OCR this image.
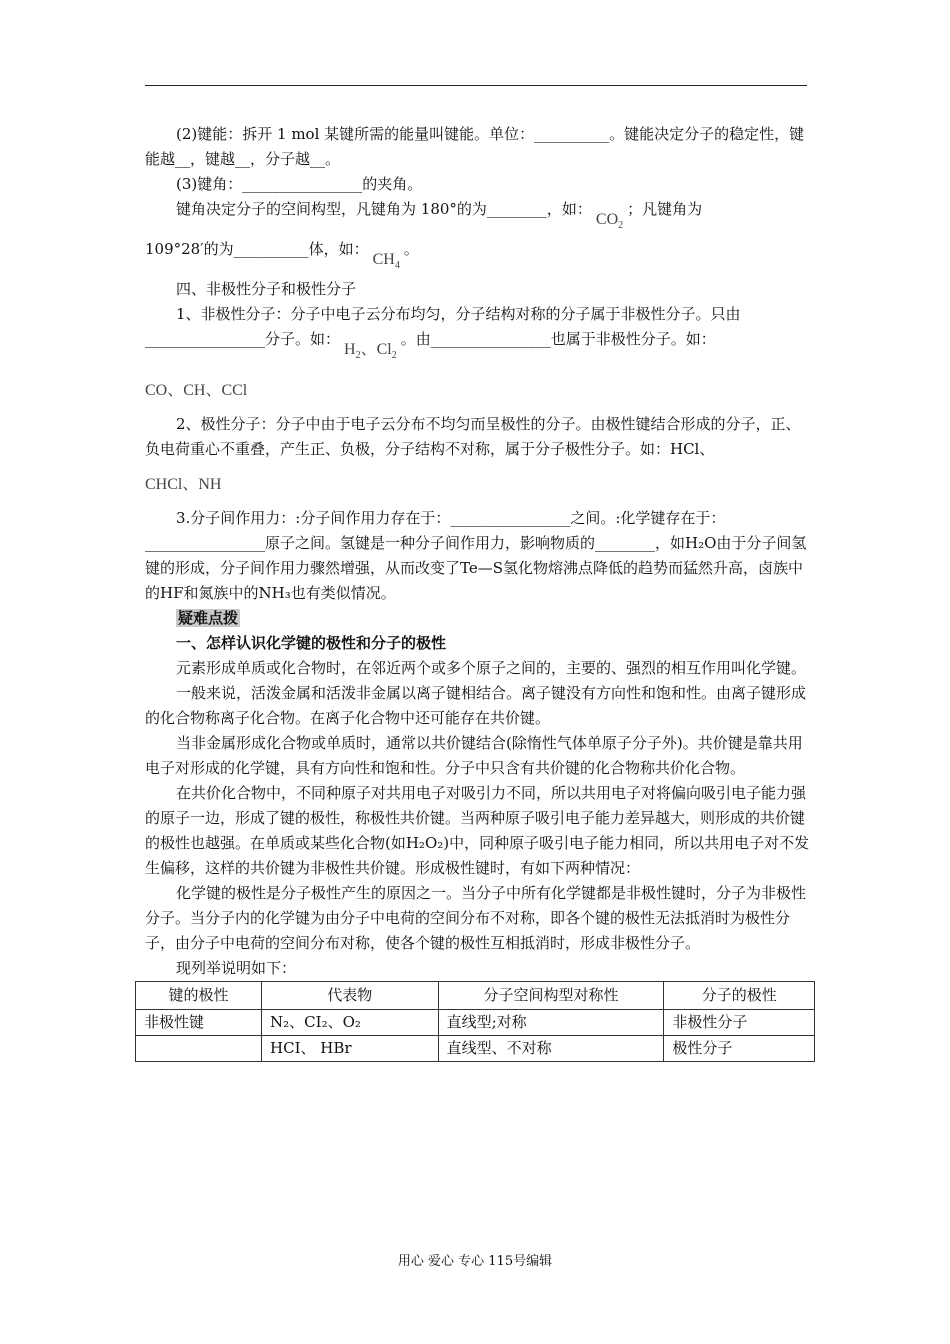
(2)键能：拆开 1 mol 某键所需的能量叫键能。单位：__________。键能决定分子的稳定性，键能越__，键越__，分子越__。

(3)键角：________________的夹角。

键角决定分子的空间构型，凡键角为 180°的为________，如：$CO_2$；凡键角为

109°28′的为__________体，如：$CH_4$。

四、非极性分子和极性分子

1、非极性分子：分子中电子云分布均匀，分子结构对称的分子属于非极性分子。只由________________分子。如：$H_2$、$Cl_2$。由________________也属于非极性分子。如：

CO、CH、CCl

2、极性分子：分子中由于电子云分布不均匀而呈极性的分子。由极性键结合形成的分子，正、负电荷重心不重叠，产生正、负极，分子结构不对称，属于分子极性分子。如：HCl、

CHCl、NH

3.分子间作用力：:分子间作用力存在于：________________之间。:化学键存在于：________________原子之间。氢键是一种分子间作用力，影响物质的________，如H₂O由于分子间氢键的形成，分子间作用力骤然增强，从而改变了Te—S氢化物熔沸点降低的趋势而猛然升高，卤族中的HF和氮族中的NH₃也有类似情况。

疑难点拨

一、怎样认识化学键的极性和分子的极性

元素形成单质或化合物时，在邻近两个或多个原子之间的，主要的、强烈的相互作用叫化学键。

一般来说，活泼金属和活泼非金属以离子键相结合。离子键没有方向性和饱和性。由离子键形成的化合物称离子化合物。在离子化合物中还可能存在共价键。

当非金属形成化合物或单质时，通常以共价键结合(除惰性气体单原子分子外)。共价键是靠共用电子对形成的化学键，具有方向性和饱和性。分子中只含有共价键的化合物称共价化合物。

在共价化合物中，不同种原子对共用电子对吸引力不同，所以共用电子对将偏向吸引电子能力强的原子一边，形成了键的极性，称极性共价键。当两种原子吸引电子能力差异越大，则形成的共价键的极性也越强。在单质或某些化合物(如H₂O₂)中，同种原子吸引电子能力相同，所以共用电子对不发生偏移，这样的共价键为非极性共价键。形成极性键时，有如下两种情况：

化学键的极性是分子极性产生的原因之一。当分子中所有化学键都是非极性键时，分子为非极性分子。当分子内的化学键为由分子中电荷的空间分布不对称，即各个键的极性无法抵消时为极性分子，由分子中电荷的空间分布对称，使各个键的极性互相抵消时，形成非极性分子。

现列举说明如下：

键的极性	代表物	分子空间构型对称性	分子的极性
非极性键	N₂、CI₂、O₂	直线型;对称	非极性分子
	HCI、 HBr	直线型、不对称	极性分子
用心 爱心 专心 115号编辑
